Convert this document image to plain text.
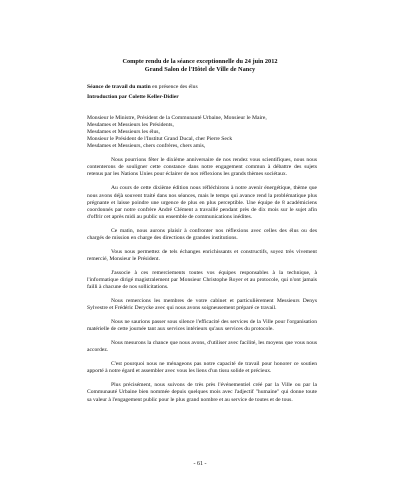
Compte rendu de la séance exceptionnelle du 24 juin 2012
Grand Salon de l'Hôtel de Ville de Nancy

Séance de travail du matin en présence des élus

Introduction par Colette Keller-Didier

Monsieur le Ministre, Président de la Communauté Urbaine, Monsieur le Maire,
Mesdames et Messieurs les Présidents,
Mesdames et Messieurs les élus,
Monsieur le Président de l'Institut Grand Ducal, cher Pierre Seck
Mesdames et Messieurs, chers confrères, chers amis,

Nous pourrions fêter le dixième anniversaire de nos rendez vous scientifiques, nous nous contenterons de souligner cette constance dans notre engagement commun à débattre des sujets retenus par les Nations Unies pour éclairer de nos réflexions les grands thèmes sociétaux.

Au cours de cette dixième édition nous réfléchirons à notre avenir énergétique, thème que nous avons déjà souvent traité dans nos séances, mais le temps qui avance rend la problématique plus prégnante et laisse poindre une urgence de plus en plus perceptible. Une équipe de 8 académiciens coordonnés par notre confrère André Clément a travaillé pendant près de dix mois sur le sujet afin d'offrir cet après midi au public un ensemble de communications inédites.

Ce matin, nous aurons plaisir à confronter nos réflexions avec celles des élus ou des chargés de mission en charge des directions de grandes institutions.

Vous nous permettez de tels échanges enrichissants et constructifs, soyez très vivement remercié, Monsieur le Président.

J'associe à ces remerciements toutes vos équipes responsables à la technique, à l'informatique dirigé magistralement par Monsieur Christophe Royer et au protocole, qui n'ont jamais failli à chacune de nos sollicitations.

Nous remercions les membres de votre cabinet et particulièrement Messieurs Denys Sylvestre et Frédéric Derycke avec qui nous avons soigneusement préparé ce travail.

Nous ne saurions passer sous silence l'efficacité des services de la Ville pour l'organisation matérielle de cette journée tant aux services intérieurs qu'aux services du protocole.

Nous mesurons la chance que nous avons, d'utiliser avec facilité, les moyens que vous nous accordez.

C'est pourquoi nous ne ménageons pas notre capacité de travail pour honorer ce soutien apporté à notre égard et assembler avec vous les liens d'un tissu solide et précieux.

Plus précisément, nous suivons de très près l'événementiel créé par la Ville ou par la Communauté Urbaine bien nommée depuis quelques mois avec l'adjectif "humaine" qui donne toute sa valeur à l'engagement public pour le plus grand nombre et au service de toutes et de tous.

- 61 -
